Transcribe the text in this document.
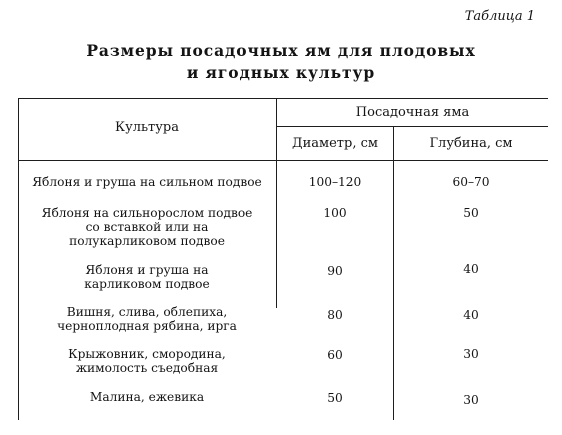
Таблица 1
Размеры посадочных ям для плодовых
и ягодных культур
Культура
Посадочная яма
Диаметр, см	Глубина, см
Яблоня и груша на сильном подвое	100–120	60–70
Яблоня на сильнорослом подвое
со вставкой или на
полукарликовом подвое
100	50
Яблоня и груша на
карликовом подвое
90	40
Вишня, слива, облепиха,
черноплодная рябина, ирга
80	40
Крыжовник, смородина,
жимолость съедобная
60	30
Малина, ежевика	50	30
